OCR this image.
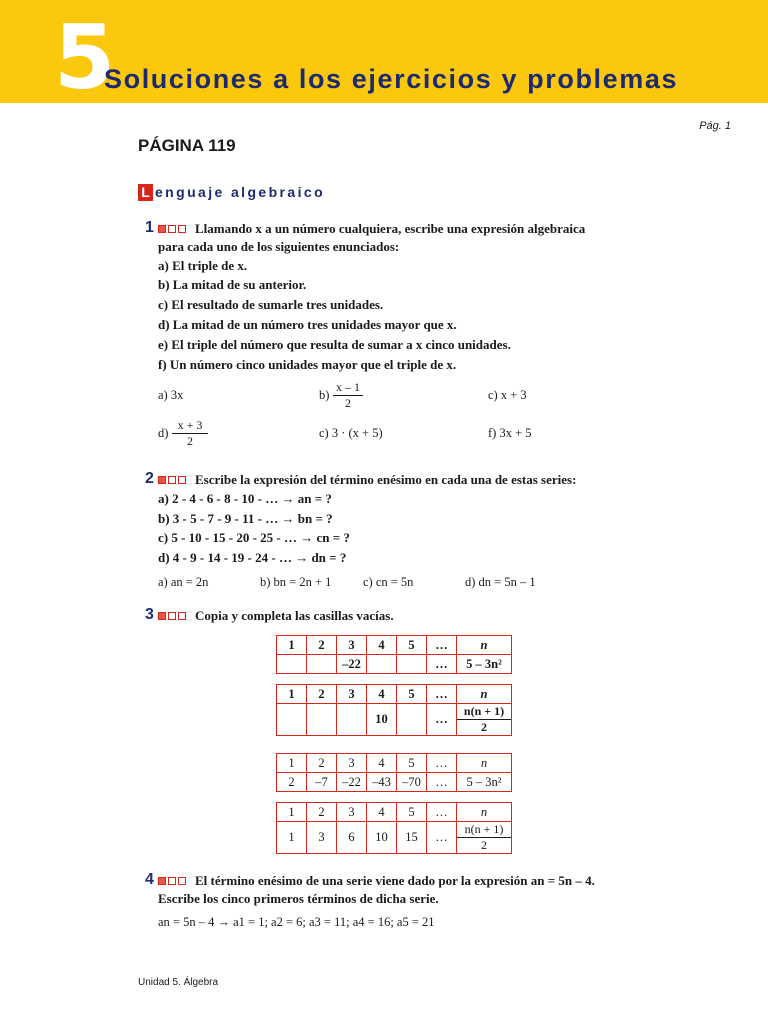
5
Soluciones a los ejercicios y problemas
Pág. 1
PÁGINA 119
L enguaje algebraico
1	Llamando x a un número cualquiera, escribe una expresión algebraica
para cada uno de los siguientes enunciados:
a) El triple de x.
b) La mitad de su anterior.
c) El resultado de sumarle tres unidades.
d) La mitad de un número tres unidades mayor que x.
e) El triple del número que resulta de sumar a x cinco unidades.
f) Un número cinco unidades mayor que el triple de x.
a) 3x	$b) \frac{x - 1}{2}$	c) x + 3
$d) \frac{x + 3}{2}$	c) 3 · (x + 5)	f) 3x + 5
2	Escribe la expresión del término enésimo en cada una de estas series:
a) 2 - 4 - 6 - 8 - 10 - … → an = ?
b) 3 - 5 - 7 - 9 - 11 - … → bn = ?
c) 5 - 10 - 15 - 20 - 25 - … → cn = ?
d) 4 - 9 - 14 - 19 - 24 - … → dn = ?
a) an = 2n	b) bn = 2n + 1	c) cn = 5n	d) dn = 5n – 1
3	Copia y completa las casillas vacías.
1	2	3	4	5	…	n
		–22			…	5 – 3n²
1	2	3	4	5	…	n
			10		…	n(n + 1)
2
1	2	3	4	5	…	n
2	–7	–22	–43	–70	…	5 – 3n²
1	2	3	4	5	…	n
1	3	6	10	15	…	n(n + 1)
2
4	El término enésimo de una serie viene dado por la expresión an = 5n – 4.
Escribe los cinco primeros términos de dicha serie.
an = 5n – 4 → a1 = 1; a2 = 6; a3 = 11; a4 = 16; a5 = 21
Unidad 5. Álgebra
